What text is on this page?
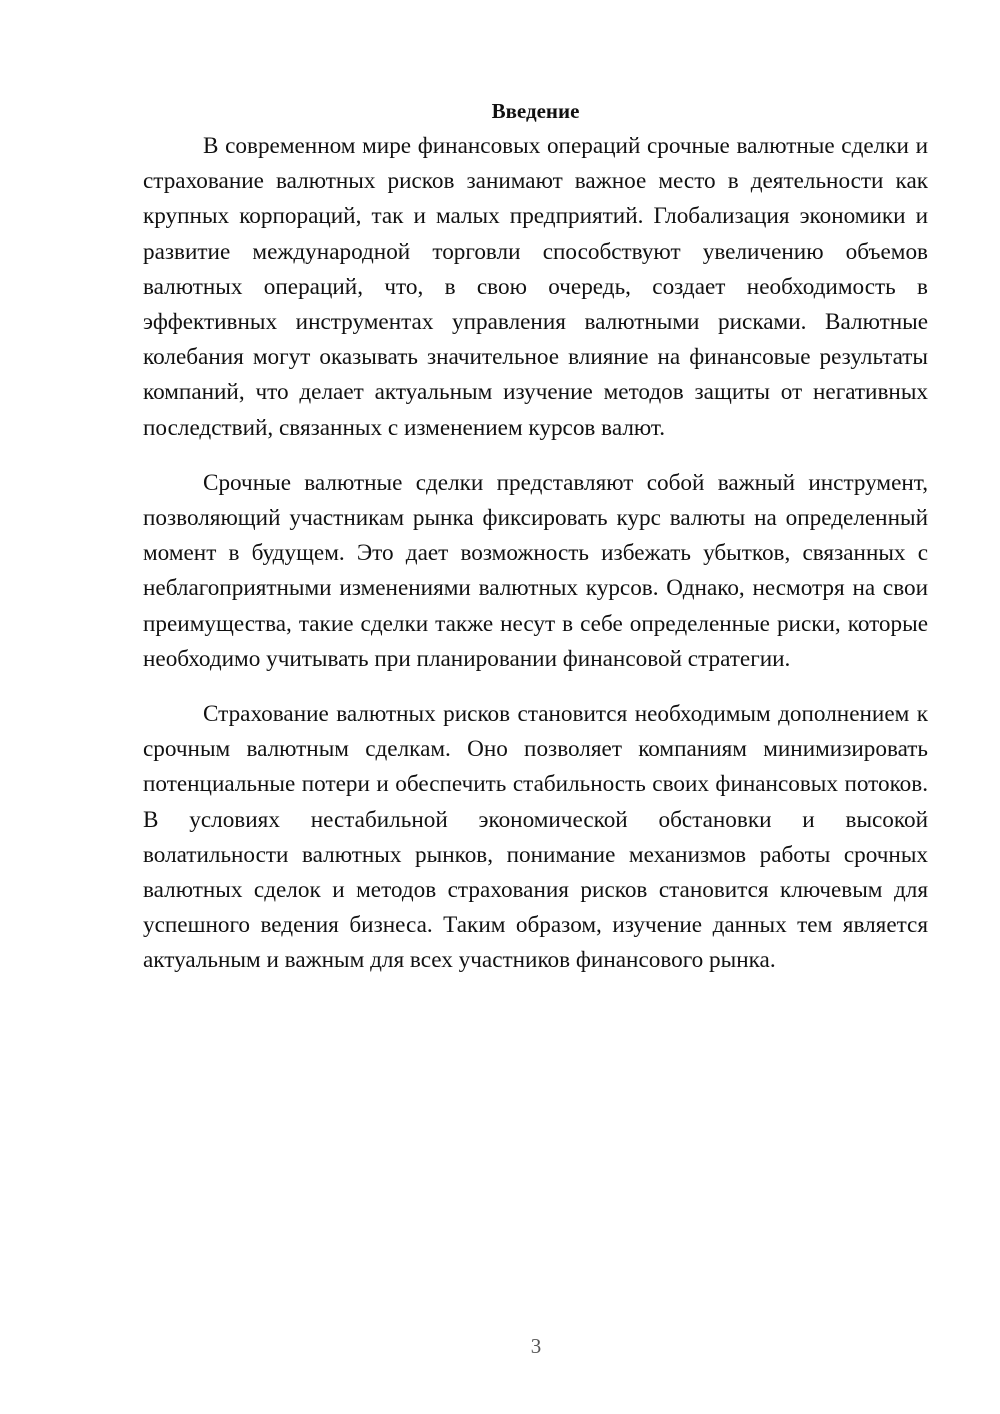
Введение

В современном мире финансовых операций срочные валютные сделки и страхование валютных рисков занимают важное место в деятельности как крупных корпораций, так и малых предприятий. Глобализация экономики и развитие международной торговли способствуют увеличению объемов валютных операций, что, в свою очередь, создает необходимость в эффективных инструментах управления валютными рисками. Валютные колебания могут оказывать значительное влияние на финансовые результаты компаний, что делает актуальным изучение методов защиты от негативных последствий, связанных с изменением курсов валют.

Срочные валютные сделки представляют собой важный инструмент, позволяющий участникам рынка фиксировать курс валюты на определенный момент в будущем. Это дает возможность избежать убытков, связанных с неблагоприятными изменениями валютных курсов. Однако, несмотря на свои преимущества, такие сделки также несут в себе определенные риски, которые необходимо учитывать при планировании финансовой стратегии.

Страхование валютных рисков становится необходимым дополнением к срочным валютным сделкам. Оно позволяет компаниям минимизировать потенциальные потери и обеспечить стабильность своих финансовых потоков. В условиях нестабильной экономической обстановки и высокой волатильности валютных рынков, понимание механизмов работы срочных валютных сделок и методов страхования рисков становится ключевым для успешного ведения бизнеса. Таким образом, изучение данных тем является актуальным и важным для всех участников финансового рынка.

3
